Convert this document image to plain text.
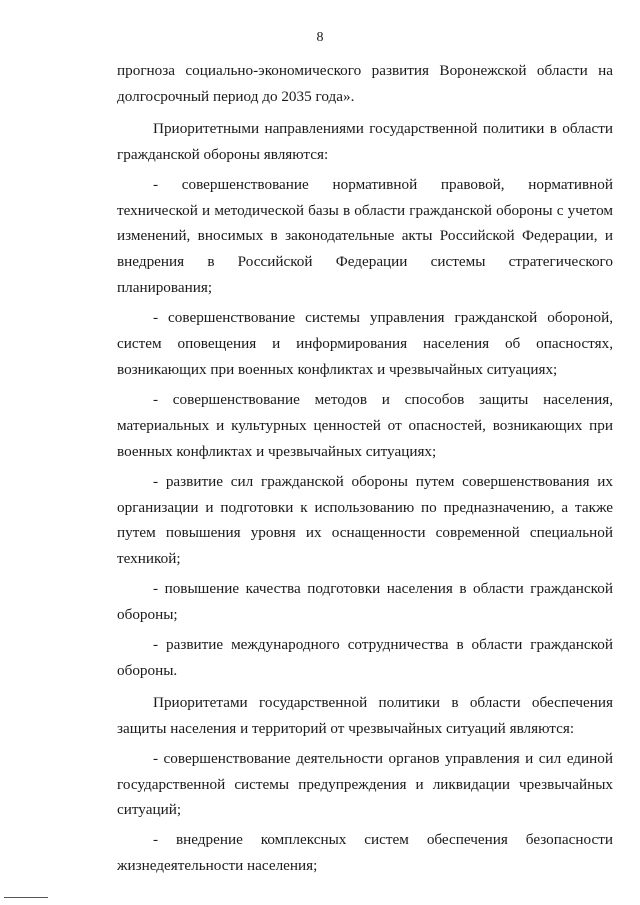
8

прогноза социально-экономического развития Воронежской области на долгосрочный период до 2035 года».

Приоритетными направлениями государственной политики в области гражданской обороны являются:

- совершенствование нормативной правовой, нормативной технической и методической базы в области гражданской обороны с учетом изменений, вносимых в законодательные акты Российской Федерации, и внедрения в Российской Федерации системы стратегического планирования;

- совершенствование системы управления гражданской обороной, систем оповещения и информирования населения об опасностях, возникающих при военных конфликтах и чрезвычайных ситуациях;

- совершенствование методов и способов защиты населения, материальных и культурных ценностей от опасностей, возникающих при военных конфликтах и чрезвычайных ситуациях;

- развитие сил гражданской обороны путем совершенствования их организации и подготовки к использованию по предназначению, а также путем повышения уровня их оснащенности современной специальной техникой;

- повышение качества подготовки населения в области гражданской обороны;

- развитие международного сотрудничества в области гражданской обороны.

Приоритетами государственной политики в области обеспечения защиты населения и территорий от чрезвычайных ситуаций являются:

- совершенствование деятельности органов управления и сил единой государственной системы предупреждения и ликвидации чрезвычайных ситуаций;

- внедрение комплексных систем обеспечения безопасности жизнедеятельности населения;
